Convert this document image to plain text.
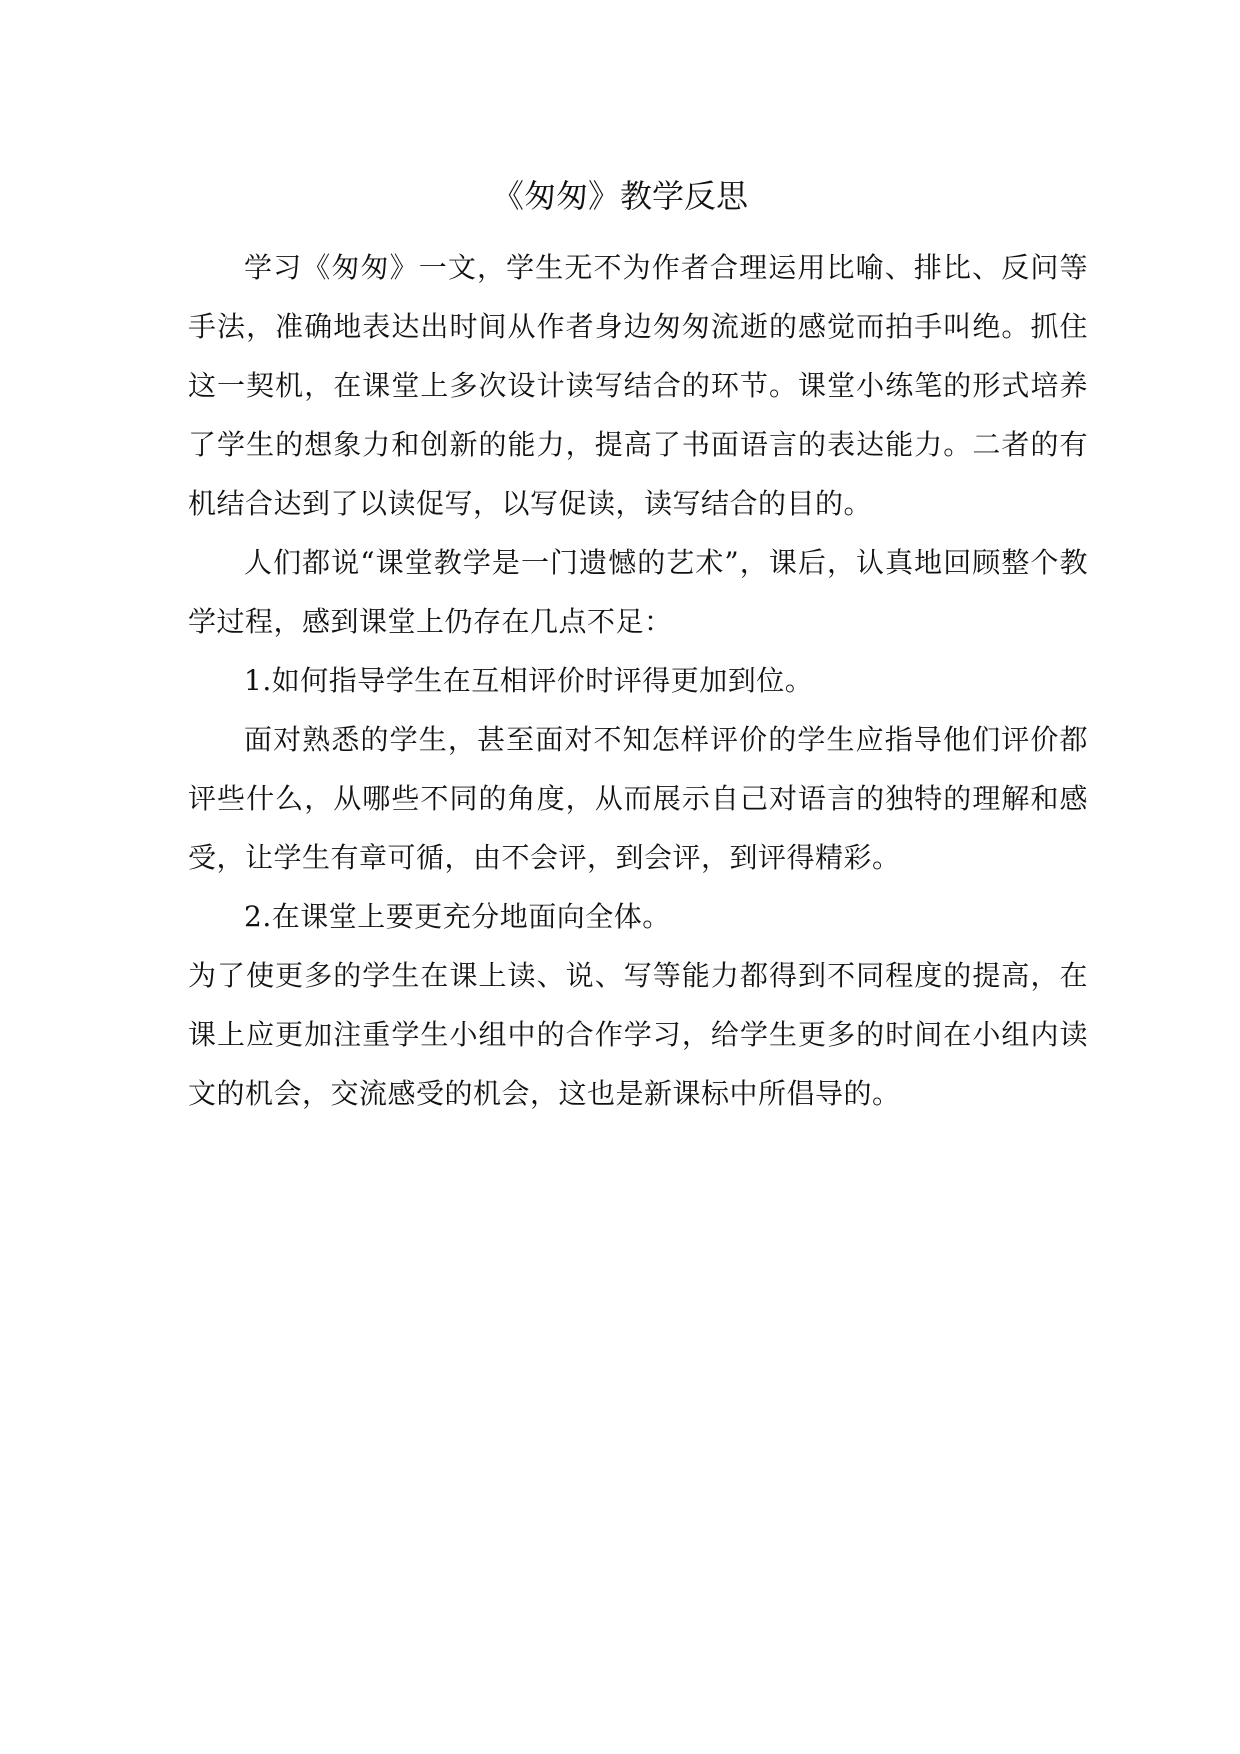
《匆匆》教学反思

学习《匆匆》一文，学生无不为作者合理运用比喻、排比、反问等手法，准确地表达出时间从作者身边匆匆流逝的感觉而拍手叫绝。抓住这一契机，在课堂上多次设计读写结合的环节。课堂小练笔的形式培养了学生的想象力和创新的能力，提高了书面语言的表达能力。二者的有机结合达到了以读促写，以写促读，读写结合的目的。

人们都说“课堂教学是一门遗憾的艺术”，课后，认真地回顾整个教学过程，感到课堂上仍存在几点不足：

1.如何指导学生在互相评价时评得更加到位。

面对熟悉的学生，甚至面对不知怎样评价的学生应指导他们评价都评些什么，从哪些不同的角度，从而展示自己对语言的独特的理解和感受，让学生有章可循，由不会评，到会评，到评得精彩。

2.在课堂上要更充分地面向全体。

为了使更多的学生在课上读、说、写等能力都得到不同程度的提高，在课上应更加注重学生小组中的合作学习，给学生更多的时间在小组内读文的机会，交流感受的机会，这也是新课标中所倡导的。
